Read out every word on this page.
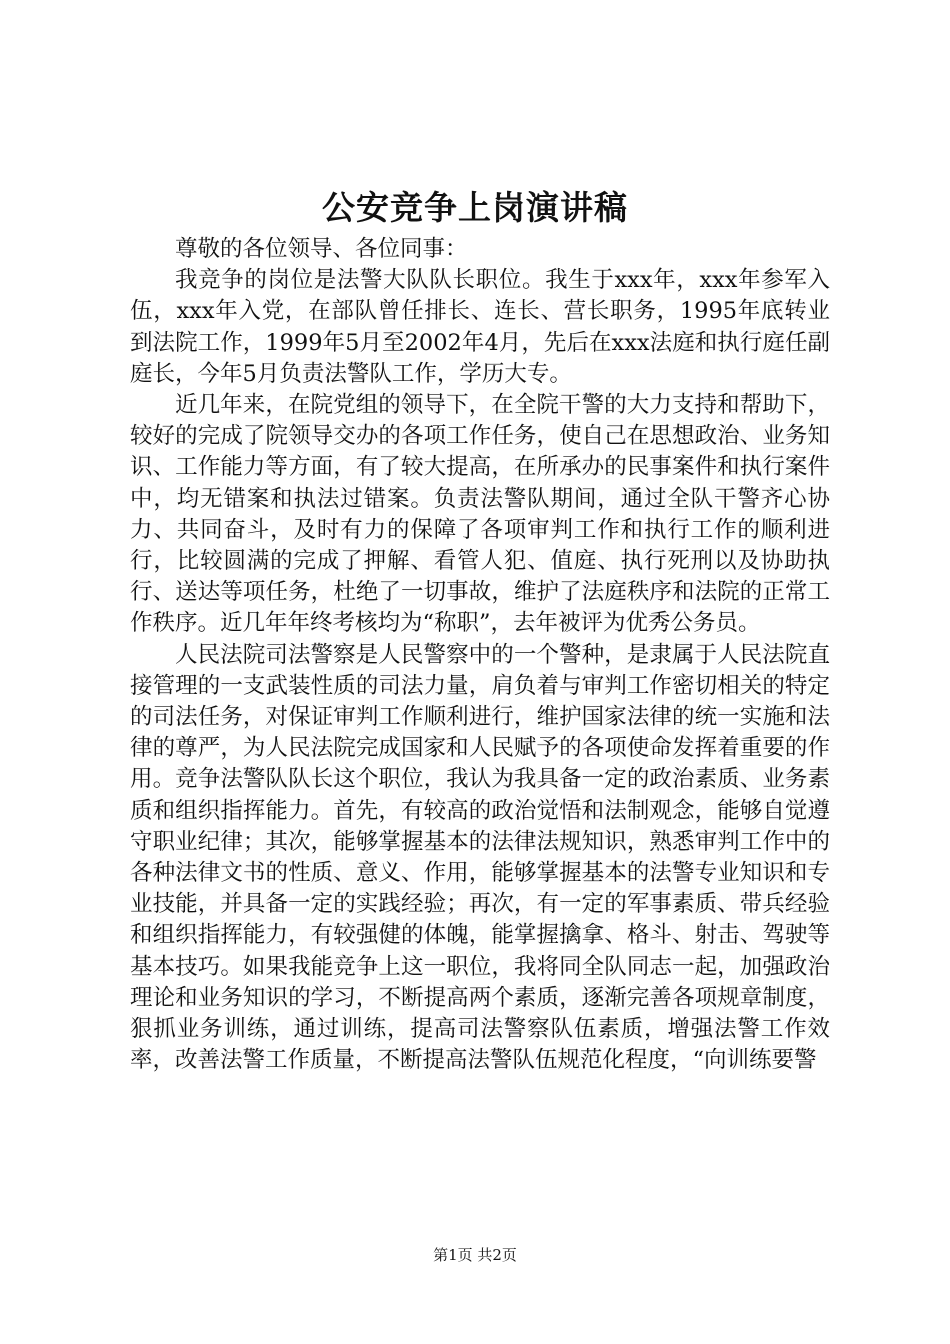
公安竞争上岗演讲稿

尊敬的各位领导、各位同事：

我竞争的岗位是法警大队队长职位。我生于xxx年，xxx年参军入伍，xxx年入党，在部队曾任排长、连长、营长职务，1995年底转业到法院工作，1999年5月至2002年4月，先后在xxx法庭和执行庭任副庭长，今年5月负责法警队工作，学历大专。

近几年来，在院党组的领导下，在全院干警的大力支持和帮助下，较好的完成了院领导交办的各项工作任务，使自己在思想政治、业务知识、工作能力等方面，有了较大提高，在所承办的民事案件和执行案件中，均无错案和执法过错案。负责法警队期间，通过全队干警齐心协力、共同奋斗，及时有力的保障了各项审判工作和执行工作的顺利进行，比较圆满的完成了押解、看管人犯、值庭、执行死刑以及协助执行、送达等项任务，杜绝了一切事故，维护了法庭秩序和法院的正常工作秩序。近几年年终考核均为“称职”，去年被评为优秀公务员。

人民法院司法警察是人民警察中的一个警种，是隶属于人民法院直接管理的一支武装性质的司法力量，肩负着与审判工作密切相关的特定的司法任务，对保证审判工作顺利进行，维护国家法律的统一实施和法律的尊严，为人民法院完成国家和人民赋予的各项使命发挥着重要的作用。竞争法警队队长这个职位，我认为我具备一定的政治素质、业务素质和组织指挥能力。首先，有较高的政治觉悟和法制观念，能够自觉遵守职业纪律；其次，能够掌握基本的法律法规知识，熟悉审判工作中的各种法律文书的性质、意义、作用，能够掌握基本的法警专业知识和专业技能，并具备一定的实践经验；再次，有一定的军事素质、带兵经验和组织指挥能力，有较强健的体魄，能掌握擒拿、格斗、射击、驾驶等基本技巧。如果我能竞争上这一职位，我将同全队同志一起，加强政治理论和业务知识的学习，不断提高两个素质，逐渐完善各项规章制度，狠抓业务训练，通过训练，提高司法警察队伍素质，增强法警工作效率，改善法警工作质量，不断提高法警队伍规范化程度，“向训练要警

第1页 共2页
